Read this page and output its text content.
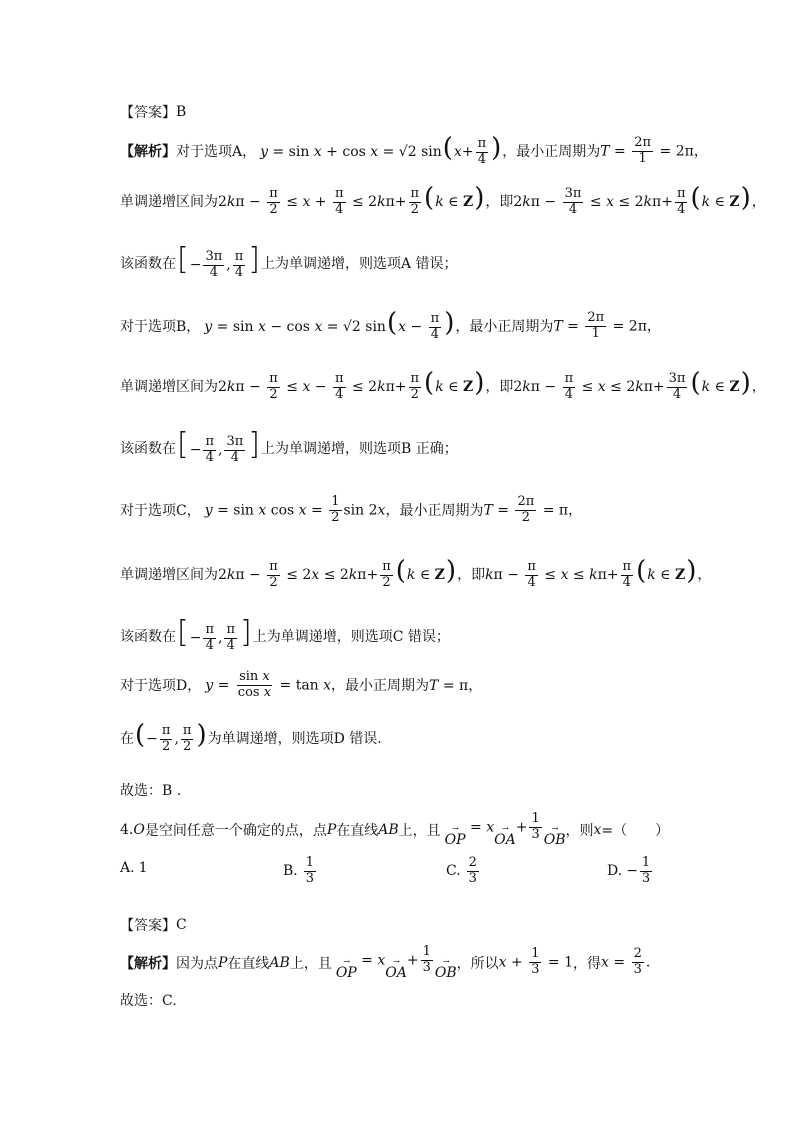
【答案】 B
【解析】 对于选项A， y = sin x + cos x = √2 $\sin(x+ \frac{\pi}{4}$ ) ， 最小正周期为 $T = \frac{2\pi}{1} = 2\pi$，
单调递增区间为 $2k\pi - \frac{\pi}{2} \le x + \frac{\pi}{4} \le 2k\pi+ \frac{\pi}{2} (k$ ∈ Z)， 即 $2k\pi - \frac{3\pi}{4} \le x \le 2k\pi+ \frac{\pi}{4} (k$ ∈ Z)，
该函数在 [− $\frac{3\pi}{4}$ , $\frac{\pi}{4}$ ] 上为单调递增，则选项A 错误；
对于选项B， y = sin x − cos x = √2 $\sin(x - \frac{\pi}{4}$ )， 最小正周期为 $T = \frac{2\pi}{1} = 2\pi$，
单调递增区间为 $2k\pi - \frac{\pi}{2} \le x - \frac{\pi}{4} \le 2k\pi+ \frac{\pi}{2} (k$ ∈ Z)， 即 $2k\pi - \frac{\pi}{4} \le x \le 2k\pi+ \frac{3\pi}{4} (k$ ∈ Z)，
该函数在 [− $\frac{\pi}{4}$ , $\frac{3\pi}{4}$ ] 上为单调递增，则选项B 正确；
对于选项C， y = sin x $\cos x = \frac{1}{2}$ sin 2x， 最小正周期为 $T = \frac{2\pi}{2} = \pi$，
单调递增区间为 $2k\pi - \frac{\pi}{2} \le 2x \le 2k\pi+ \frac{\pi}{2} (k$ ∈ Z)， 即 $k\pi - \frac{\pi}{4} \le x \le k\pi+ \frac{\pi}{4} (k$ ∈ Z)，
该函数在 [− $\frac{\pi}{4}$ , $\frac{\pi}{4}$ ] 上为单调递增，则选项C 错误；
对于选项D， $y = \frac{\text{sin x}}{\text{cos x}} = \tan x$， 最小正周期为 T = π，
在 (− $\frac{\pi}{2}$ , $\frac{\pi}{2}$ ) 为单调递增，则选项D 错误.
故选：B .
4. O 是空间任意一个确定的点，点 P 在直线 AB 上，且 →
OP
= x →
OA
+ $\frac{1}{3}$ →
OB
，则 x =（　　）
A. 1	B. $\frac{1}{3}$	C. $\frac{2}{3}$	D. − $\frac{1}{3}$
【答案】 C
【解析】 因为点 P 在直线 AB 上，且 →
OP
= x →
OA
+ $\frac{1}{3}$ →
OB
，所以 $x + \frac{1}{3} = 1$ ，得 $x = \frac{2}{3}$ .
故选：C.
